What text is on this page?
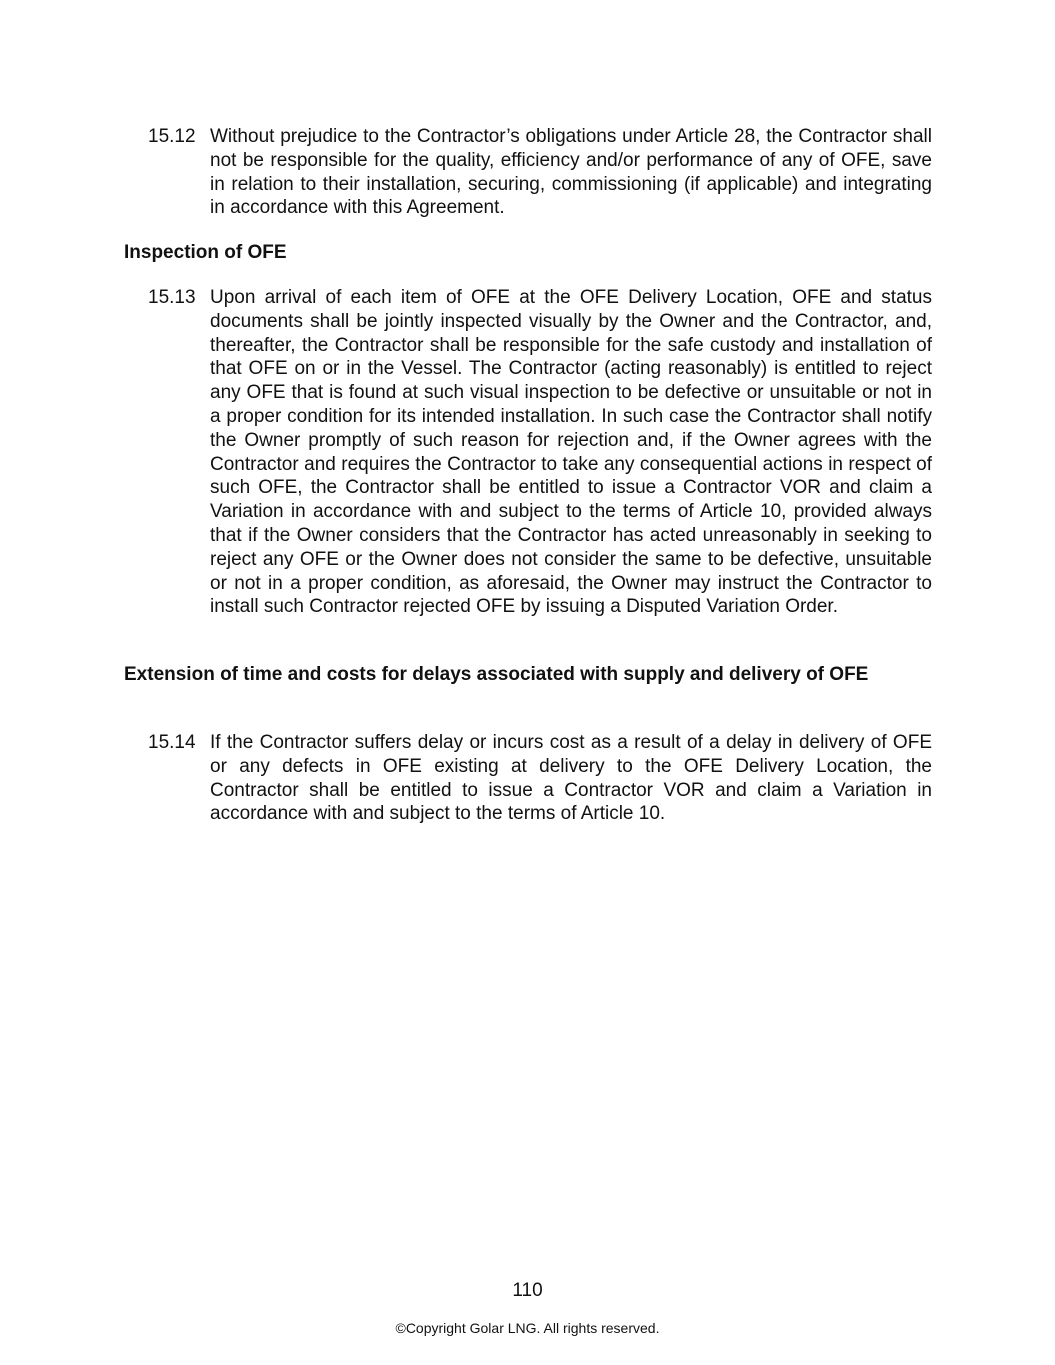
15.12 Without prejudice to the Contractor’s obligations under Article 28, the Contractor shall not be responsible for the quality, efficiency and/or performance of any of OFE, save in relation to their installation, securing, commissioning (if applicable) and integrating in accordance with this Agreement.
Inspection of OFE
15.13 Upon arrival of each item of OFE at the OFE Delivery Location, OFE and status documents shall be jointly inspected visually by the Owner and the Contractor, and, thereafter, the Contractor shall be responsible for the safe custody and installation of that OFE on or in the Vessel. The Contractor (acting reasonably) is entitled to reject any OFE that is found at such visual inspection to be defective or unsuitable or not in a proper condition for its intended installation. In such case the Contractor shall notify the Owner promptly of such reason for rejection and, if the Owner agrees with the Contractor and requires the Contractor to take any consequential actions in respect of such OFE, the Contractor shall be entitled to issue a Contractor VOR and claim a Variation in accordance with and subject to the terms of Article 10, provided always that if the Owner considers that the Contractor has acted unreasonably in seeking to reject any OFE or the Owner does not consider the same to be defective, unsuitable or not in a proper condition, as aforesaid, the Owner may instruct the Contractor to install such Contractor rejected OFE by issuing a Disputed Variation Order.
Extension of time and costs for delays associated with supply and delivery of OFE
15.14 If the Contractor suffers delay or incurs cost as a result of a delay in delivery of OFE or any defects in OFE existing at delivery to the OFE Delivery Location, the Contractor shall be entitled to issue a Contractor VOR and claim a Variation in accordance with and subject to the terms of Article 10.
110
©Copyright Golar LNG. All rights reserved.
